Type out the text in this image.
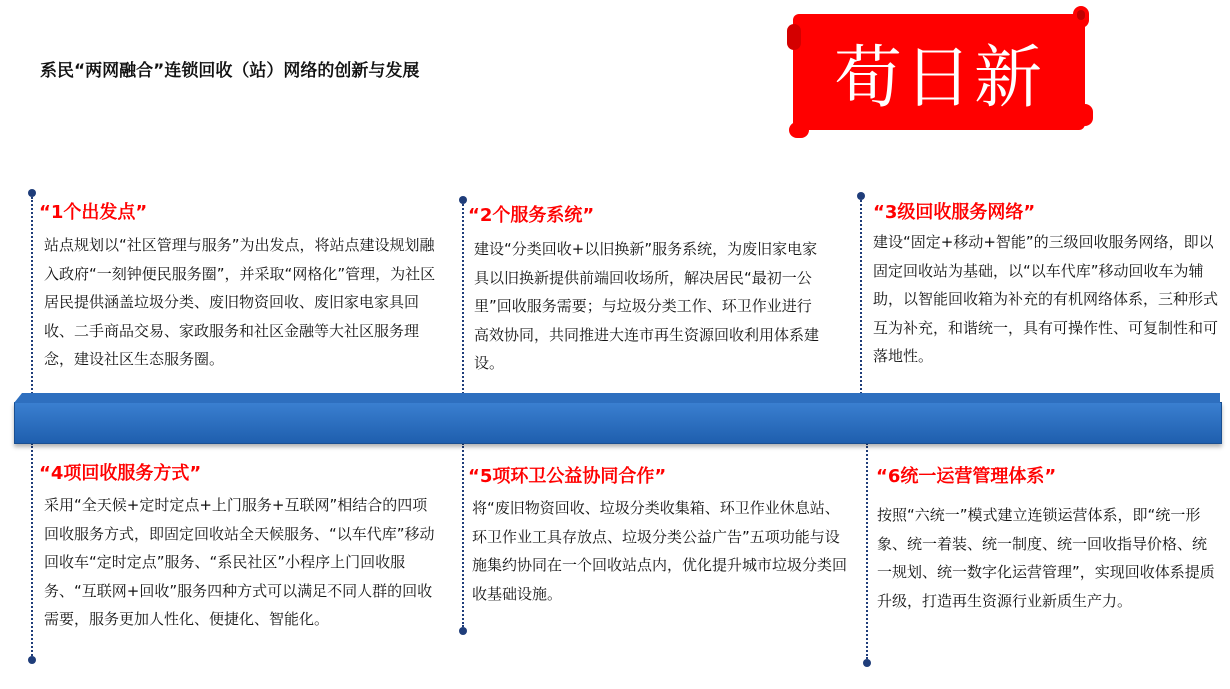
系民“两网融合”连锁回收（站）网络的创新与发展	荀日新
“1个出发点”
站点规划以“社区管理与服务”为出发点，将站点建设规划融入政府“一刻钟便民服务圈”，并采取“网格化”管理，为社区居民提供涵盖垃圾分类、废旧物资回收、废旧家电家具回收、二手商品交易、家政服务和社区金融等大社区服务理念，建设社区生态服务圈。
“2个服务系统”
建设“分类回收+以旧换新”服务系统，为废旧家电家具以旧换新提供前端回收场所，解决居民“最初一公里”回收服务需要；与垃圾分类工作、环卫作业进行高效协同，共同推进大连市再生资源回收利用体系建设。
“3级回收服务网络”
建设“固定+移动+智能”的三级回收服务网络，即以固定回收站为基础，以“以车代库”移动回收车为辅助，以智能回收箱为补充的有机网络体系，三种形式互为补充，和谐统一，具有可操作性、可复制性和可落地性。
“4项回收服务方式”
采用“全天候+定时定点+上门服务+互联网”相结合的四项回收服务方式，即固定回收站全天候服务、“以车代库”移动回收车“定时定点”服务、“系民社区”小程序上门回收服务、“互联网+回收”服务四种方式可以满足不同人群的回收需要，服务更加人性化、便捷化、智能化。
“5项环卫公益协同合作”
将“废旧物资回收、垃圾分类收集箱、环卫作业休息站、环卫作业工具存放点、垃圾分类公益广告”五项功能与设施集约协同在一个回收站点内，优化提升城市垃圾分类回收基础设施。
“6统一运营管理体系”
按照“六统一”模式建立连锁运营体系，即“统一形象、统一着装、统一制度、统一回收指导价格、统一规划、统一数字化运营管理”，实现回收体系提质升级，打造再生资源行业新质生产力。
